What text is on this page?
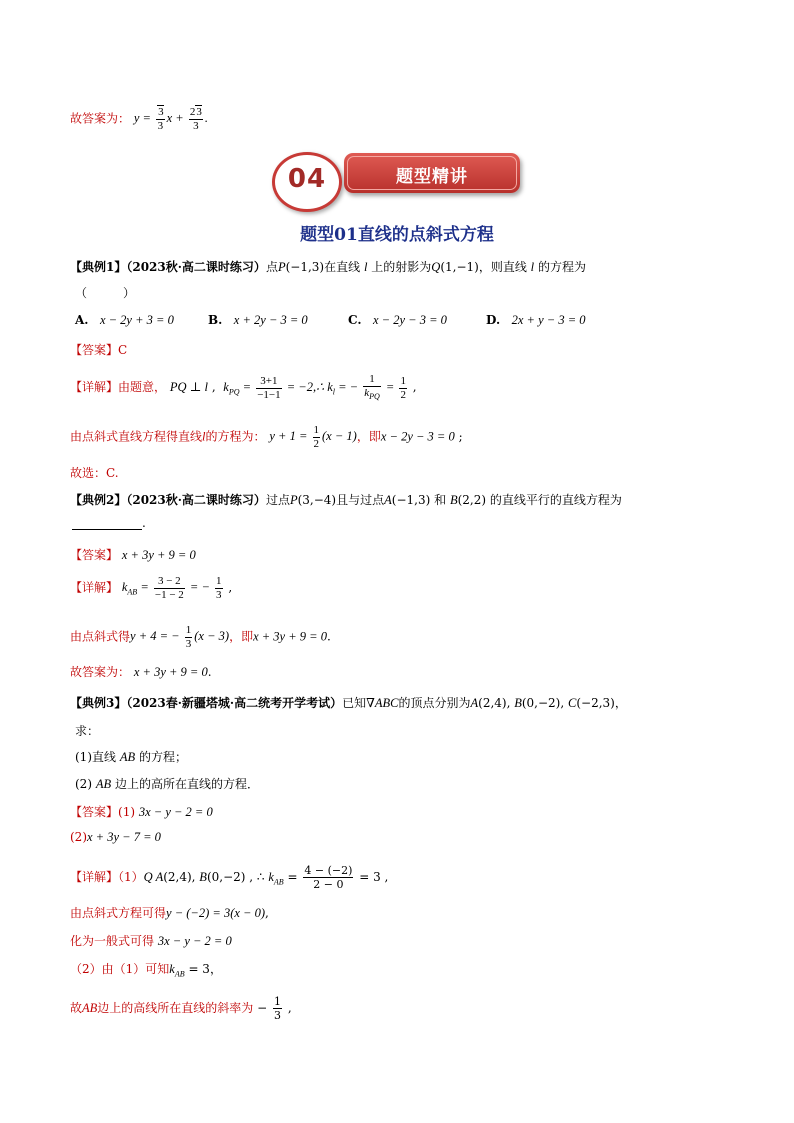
故答案为： $y = \frac{3}{3}$ $x + \frac{23}{3}$ .
04	题型精讲
题型01直线的点斜式方程
【典例1】（2023秋·高二课时练习）点P(−1,3)在直线 l 上的射影为Q(1,−1)，则直线 l 的方程为
（　　　）
A. x − 2y + 3 = 0	B. x + 2y − 3 = 0	C. x − 2y − 3 = 0	D. 2x + y − 3 = 0
【答案】C
【详解】由题意， PQ ⊥ l ,  $k_{PQ} = \frac{3+1}{-1-1}$ = −2,∴ $k_l$ = − $\frac{1}{k_{PQ}} = \frac{1}{2}$ ,
由点斜式直线方程得直线l的方程为： $y + 1 = \frac{1}{2} (x - 1)$，即x − 2y − 3 = 0 ;
故选：C.
【典例2】（2023秋·高二课时练习）过点P(3,−4)且与过点A(−1,3) 和 B(2,2) 的直线平行的直线方程为
.
【答案】 x + 3y + 9 = 0
【详解】 $k_{AB} = \frac{3 - 2}{-1 - 2}$ = − $\frac{1}{3}$ ,
由点斜式得y + 4 = − $\frac{1}{3} (x - 3)$，即x + 3y + 9 = 0.
故答案为： x + 3y + 9 = 0.
【典例3】（2023春·新疆塔城·高二统考开学考试）已知∇ABC的顶点分别为A(2,4), B(0,−2), C(−2,3)，
求：
(1)直线 AB 的方程；
(2) AB 边上的高所在直线的方程．
【答案】(1) 3x − y − 2 = 0
(2)x + 3y − 7 = 0
【详解】（1）Q A(2,4), B(0,−2) , ∴ $k_{AB} = \frac{4 - (-2)}{2 - 0} = 3$ ,
由点斜式方程可得y − (−2) = 3(x − 0),
化为一般式可得 3x − y − 2 = 0
（2）由（1）可知$k_{AB} = 3$，
故AB边上的高线所在直线的斜率为 − $\frac{1}{3}$ ,
